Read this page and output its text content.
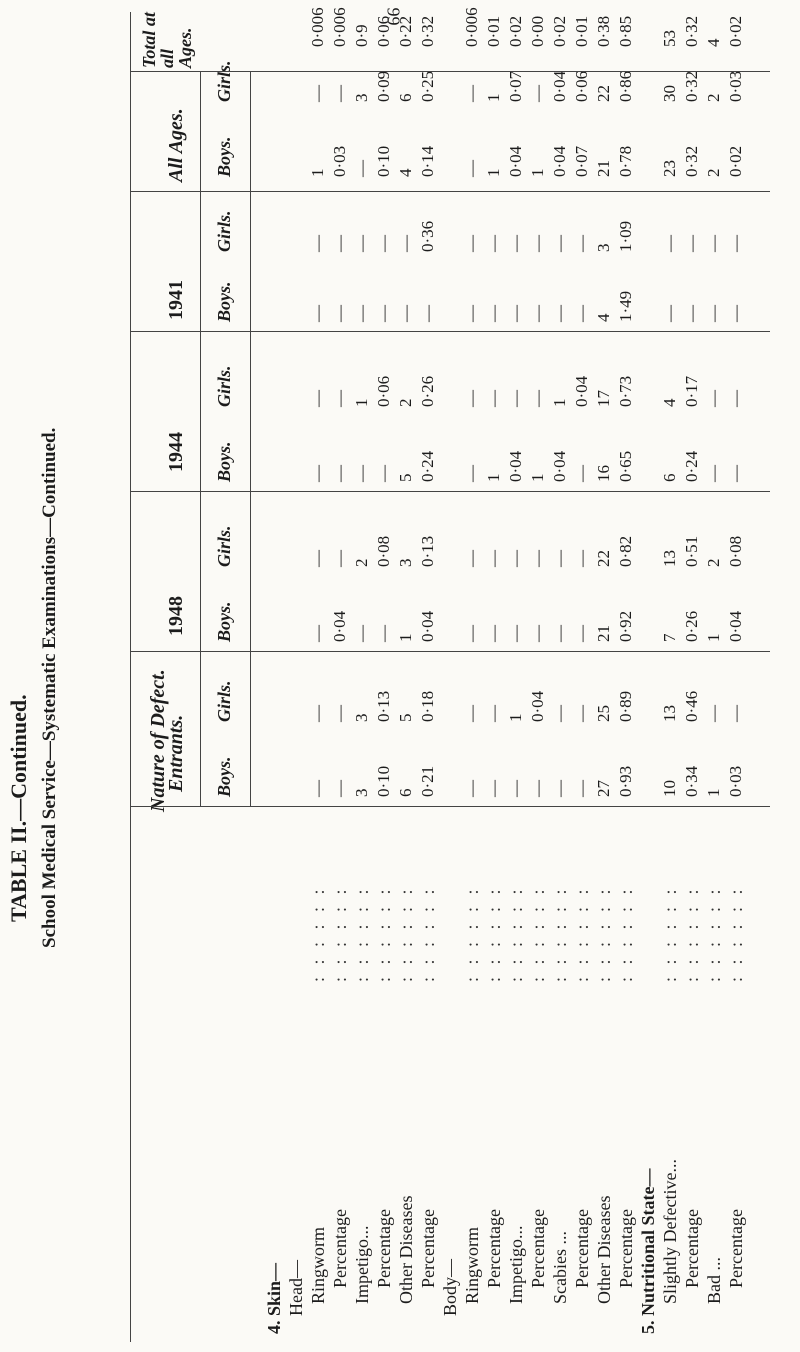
99
TABLE II.—Continued. School Medical Service—Systematic Examinations—Continued.	Nature of Defect.
Entrants.
1948
1944
1941
All Ages.
Total at all Ages.
Boys.
Girls.
Boys.
Girls.
Boys.
Girls.
Boys.
Girls.
Boys.
Girls.
4. Skin— Head— Ringworm
: : : : : :
Percentage
: : : : : :
Impetigo...
: : : : : :
Percentage
: : : : : :
Other Diseases
: : : : : :
Percentage
: : : : : :
Body— Ringworm
: : : : : :
Percentage
: : : : : :
Impetigo...
: : : : : :
Percentage
: : : : : :
Scabies ...
: : : : : :
Percentage
: : : : : :
Other Diseases
: : : : : :
Percentage
: : : : : :
5. Nutritional State— Slightly Defective...
: : : : : :
Percentage
: : : : : :
Bad ...
: : : : : :
Percentage
: : : : : :
—
—
—
—
—
—
—
—
1
—
0·006
—
—
0·04
—
—
—
—
—
0·03
—
0·006
3
3
—
2
—
1
—
—
—
3
0·9
0·10
0·13
—
0·08
—
0·06
—
—
0·10
0·09
0·06
6
5
1
3
5
2
—
—
4
6
0·22
0·21
0·18
0·04
0·13
0·24
0·26
—
0·36
0·14
0·25
0·32
—
—
—
—
—
—
—
—
—
—
0·006
—
—
—
—
1
—
—
—
1
1
0·01
—
1
—
—
0·04
—
—
—
0·04
0·07
0·02
—
0·04
—
—
1
—
—
—
1
—
0·00
—
—
—
—
0·04
1
—
—
0·04
0·04
0·02
—
—
—
—
—
0·04
—
—
0·07
0·06
0·01
27
25
21
22
16
17
4
3
21
22
0·38
0·93
0·89
0·92
0·82
0·65
0·73
1·49
1·09
0·78
0·86
0·85
10
13
7
13
6
4
—
—
23
30
53
0·34
0·46
0·26
0·51
0·24
0·17
—
—
0·32
0·32
0·32
1
—
1
2
—
—
—
—
2
2
4
0·03
—
0·04
0·08
—
—
—
—
0·02
0·03
0·02
